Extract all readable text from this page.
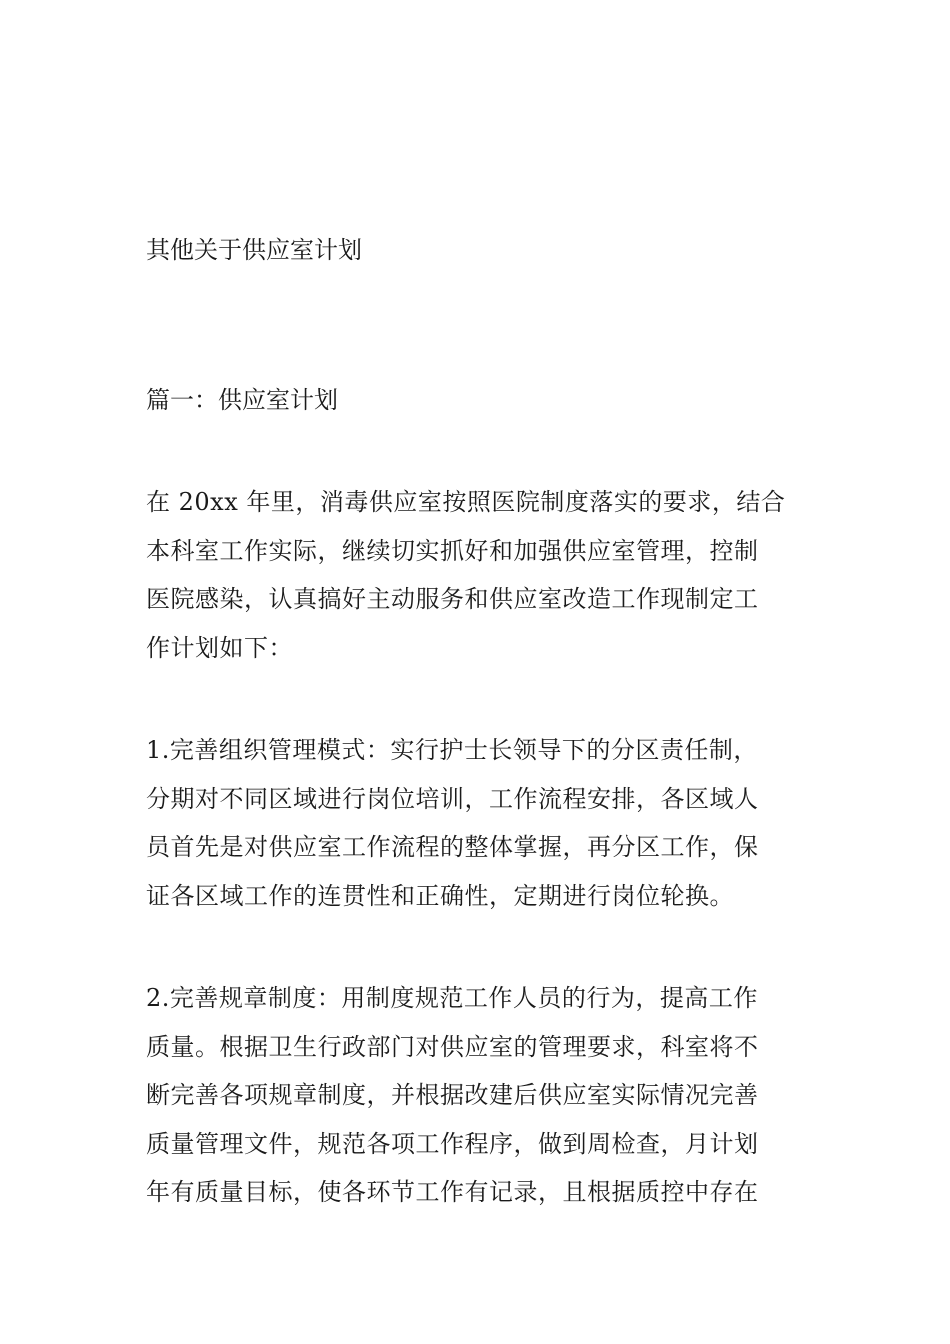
其他关于供应室计划
篇一：供应室计划
在 20xx 年里，消毒供应室按照医院制度落实的要求，结合
本科室工作实际，继续切实抓好和加强供应室管理，控制
医院感染，认真搞好主动服务和供应室改造工作现制定工
作计划如下：
1.完善组织管理模式：实行护士长领导下的分区责任制，
分期对不同区域进行岗位培训，工作流程安排，各区域人
员首先是对供应室工作流程的整体掌握，再分区工作，保
证各区域工作的连贯性和正确性，定期进行岗位轮换。
2.完善规章制度：用制度规范工作人员的行为，提高工作
质量。根据卫生行政部门对供应室的管理要求，科室将不
断完善各项规章制度，并根据改建后供应室实际情况完善
质量管理文件，规范各项工作程序，做到周检查，月计划
年有质量目标，使各环节工作有记录，且根据质控中存在
